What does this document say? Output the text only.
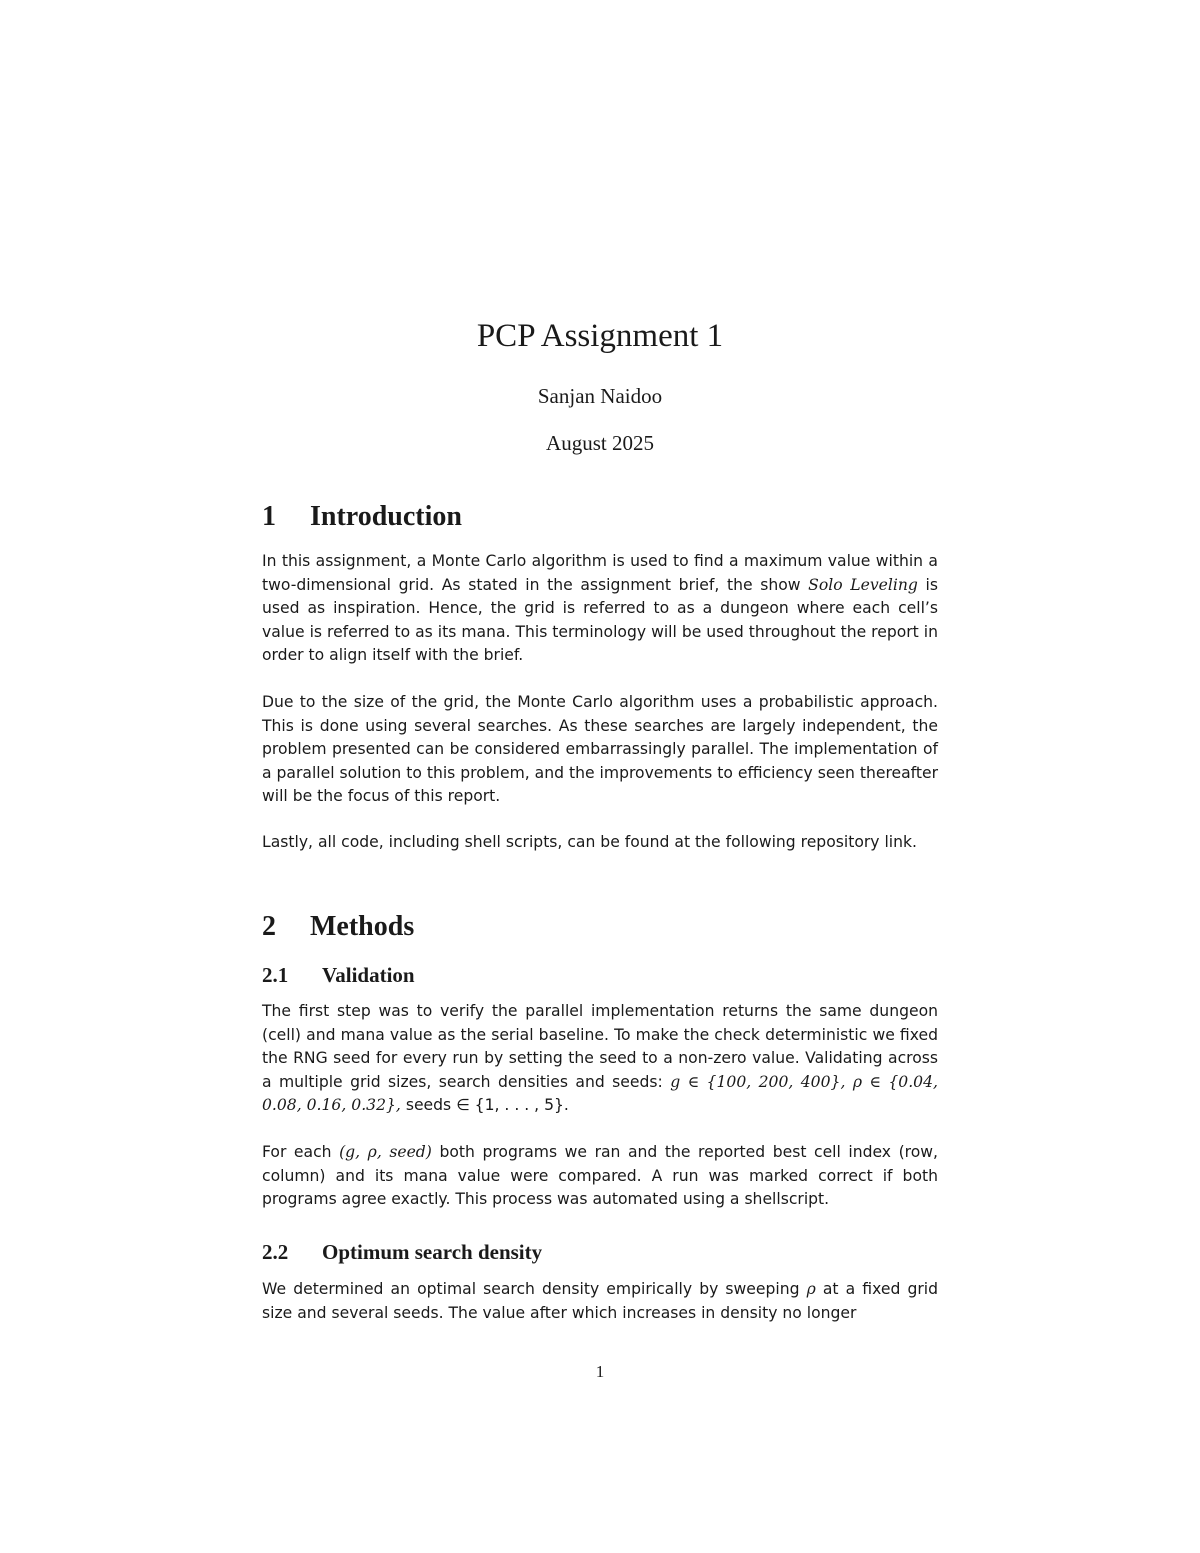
PCP Assignment 1
Sanjan Naidoo
August 2025
1 Introduction
In this assignment, a Monte Carlo algorithm is used to find a maximum value within a two-dimensional grid. As stated in the assignment brief, the show Solo Leveling is used as inspiration. Hence, the grid is referred to as a dungeon where each cell’s value is referred to as its mana. This terminology will be used throughout the report in order to align itself with the brief.
Due to the size of the grid, the Monte Carlo algorithm uses a probabilistic approach. This is done using several searches. As these searches are largely independent, the problem presented can be considered embarrassingly parallel. The implementation of a parallel solution to this problem, and the improvements to efficiency seen thereafter will be the focus of this report.
Lastly, all code, including shell scripts, can be found at the following repository link.
2 Methods
2.1 Validation
The first step was to verify the parallel implementation returns the same dungeon (cell) and mana value as the serial baseline. To make the check deterministic we fixed the RNG seed for every run by setting the seed to a non-zero value. Validating across a multiple grid sizes, search densities and seeds: g ∈ {100, 200, 400}, ρ ∈ {0.04, 0.08, 0.16, 0.32}, seeds ∈ {1, . . . , 5}.
For each (g, ρ, seed) both programs we ran and the reported best cell index (row, column) and its mana value were compared. A run was marked correct if both programs agree exactly. This process was automated using a shellscript.
2.2 Optimum search density
We determined an optimal search density empirically by sweeping ρ at a fixed grid size and several seeds. The value after which increases in density no longer
1
